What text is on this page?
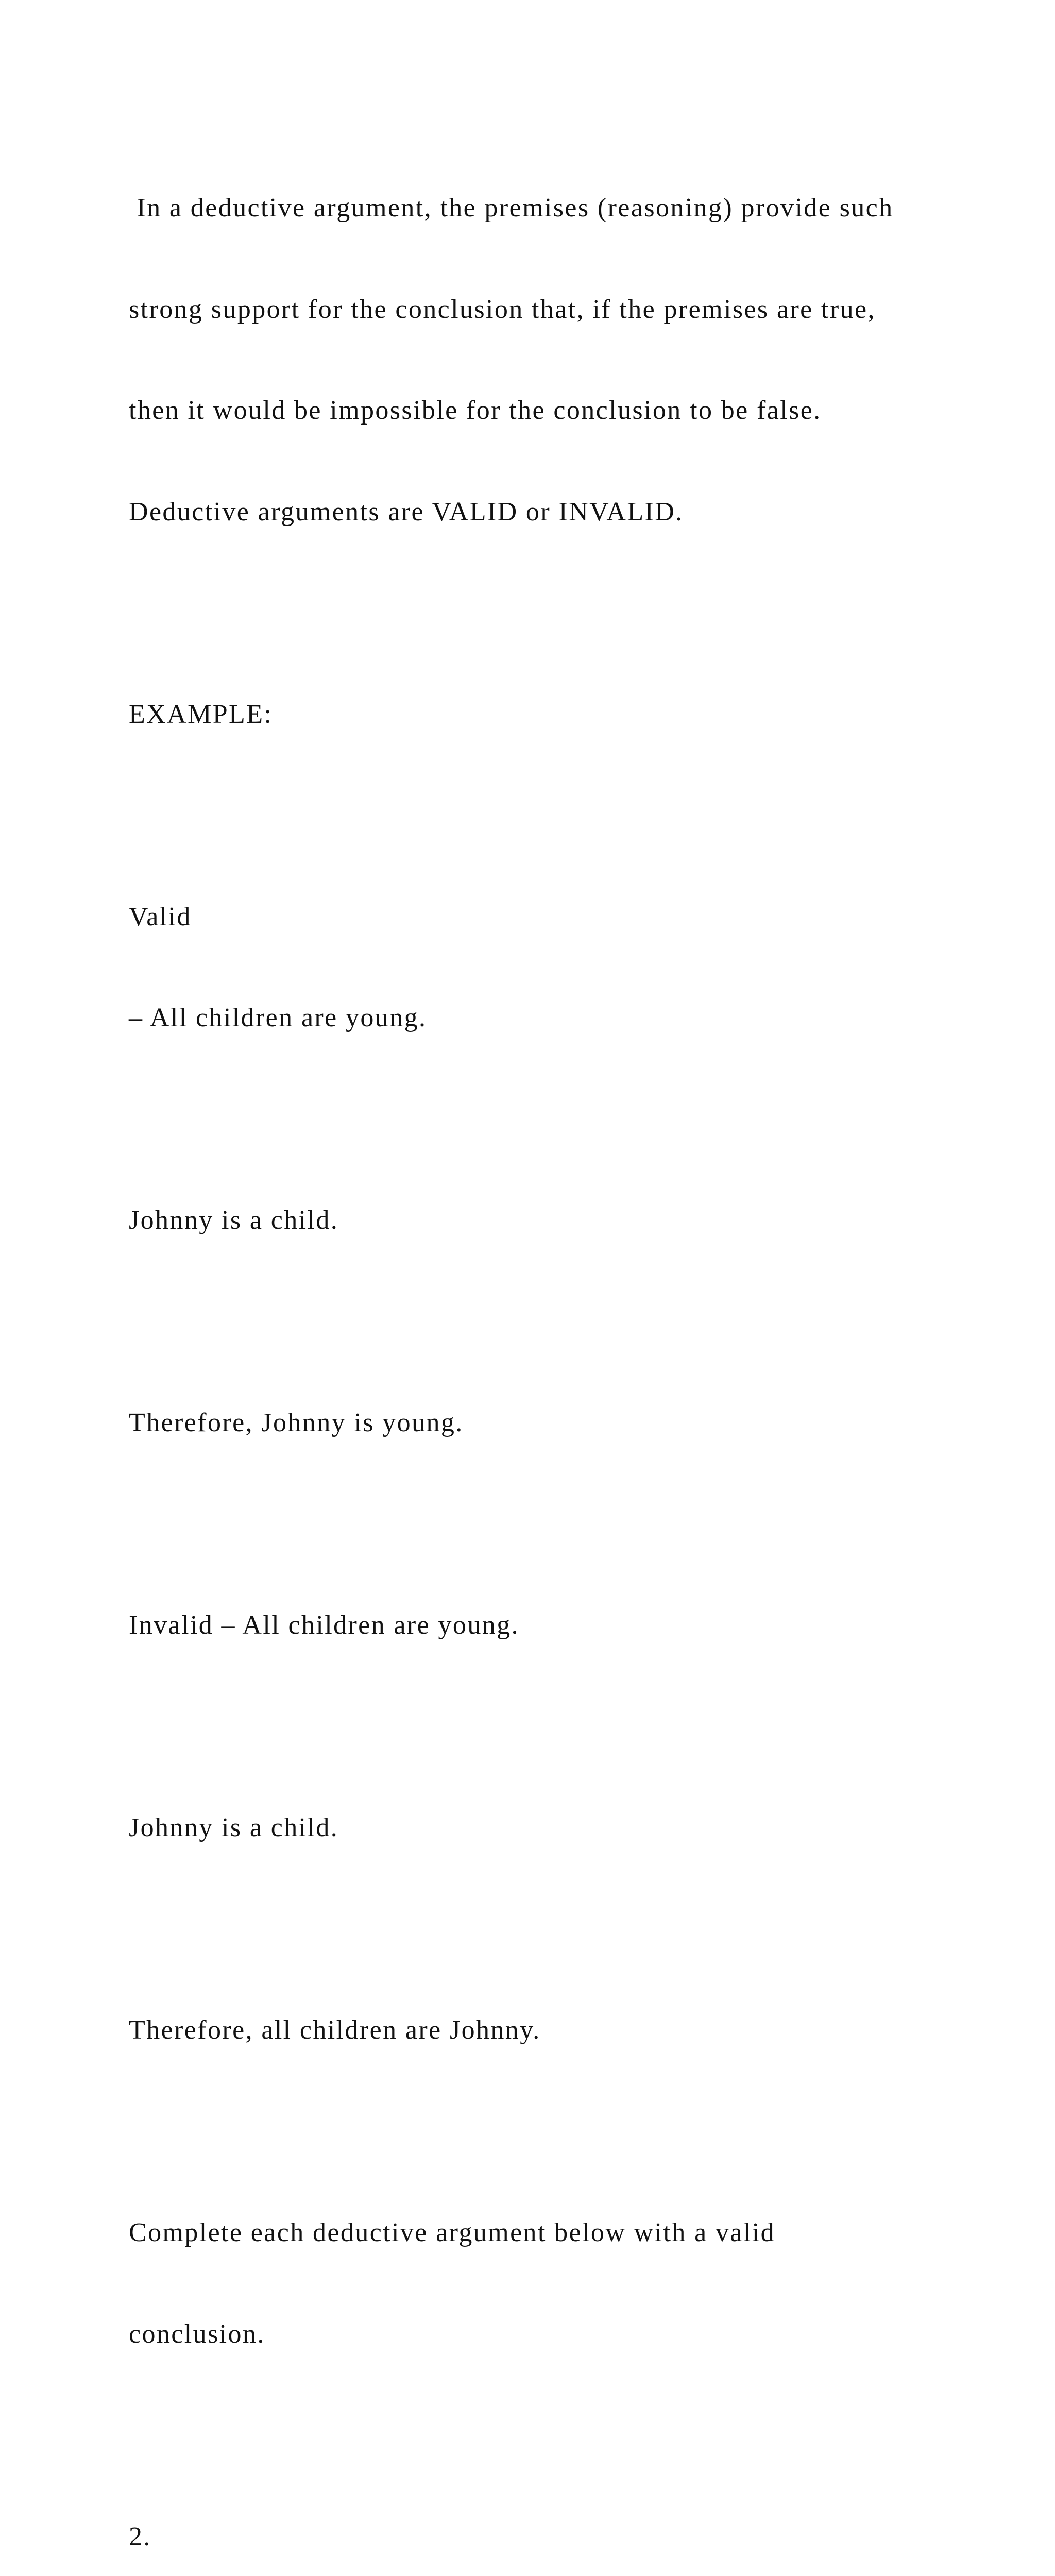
In a deductive argument, the premises (reasoning) provide such

strong support for the conclusion that, if the premises are true,

then it would be impossible for the conclusion to be false.

Deductive arguments are VALID or INVALID.

EXAMPLE:

Valid

– All children are young.

Johnny is a child.

Therefore, Johnny is young.

Invalid – All children are young.

Johnny is a child.

Therefore, all children are Johnny.

Complete each deductive argument below with a valid

conclusion.

2.
